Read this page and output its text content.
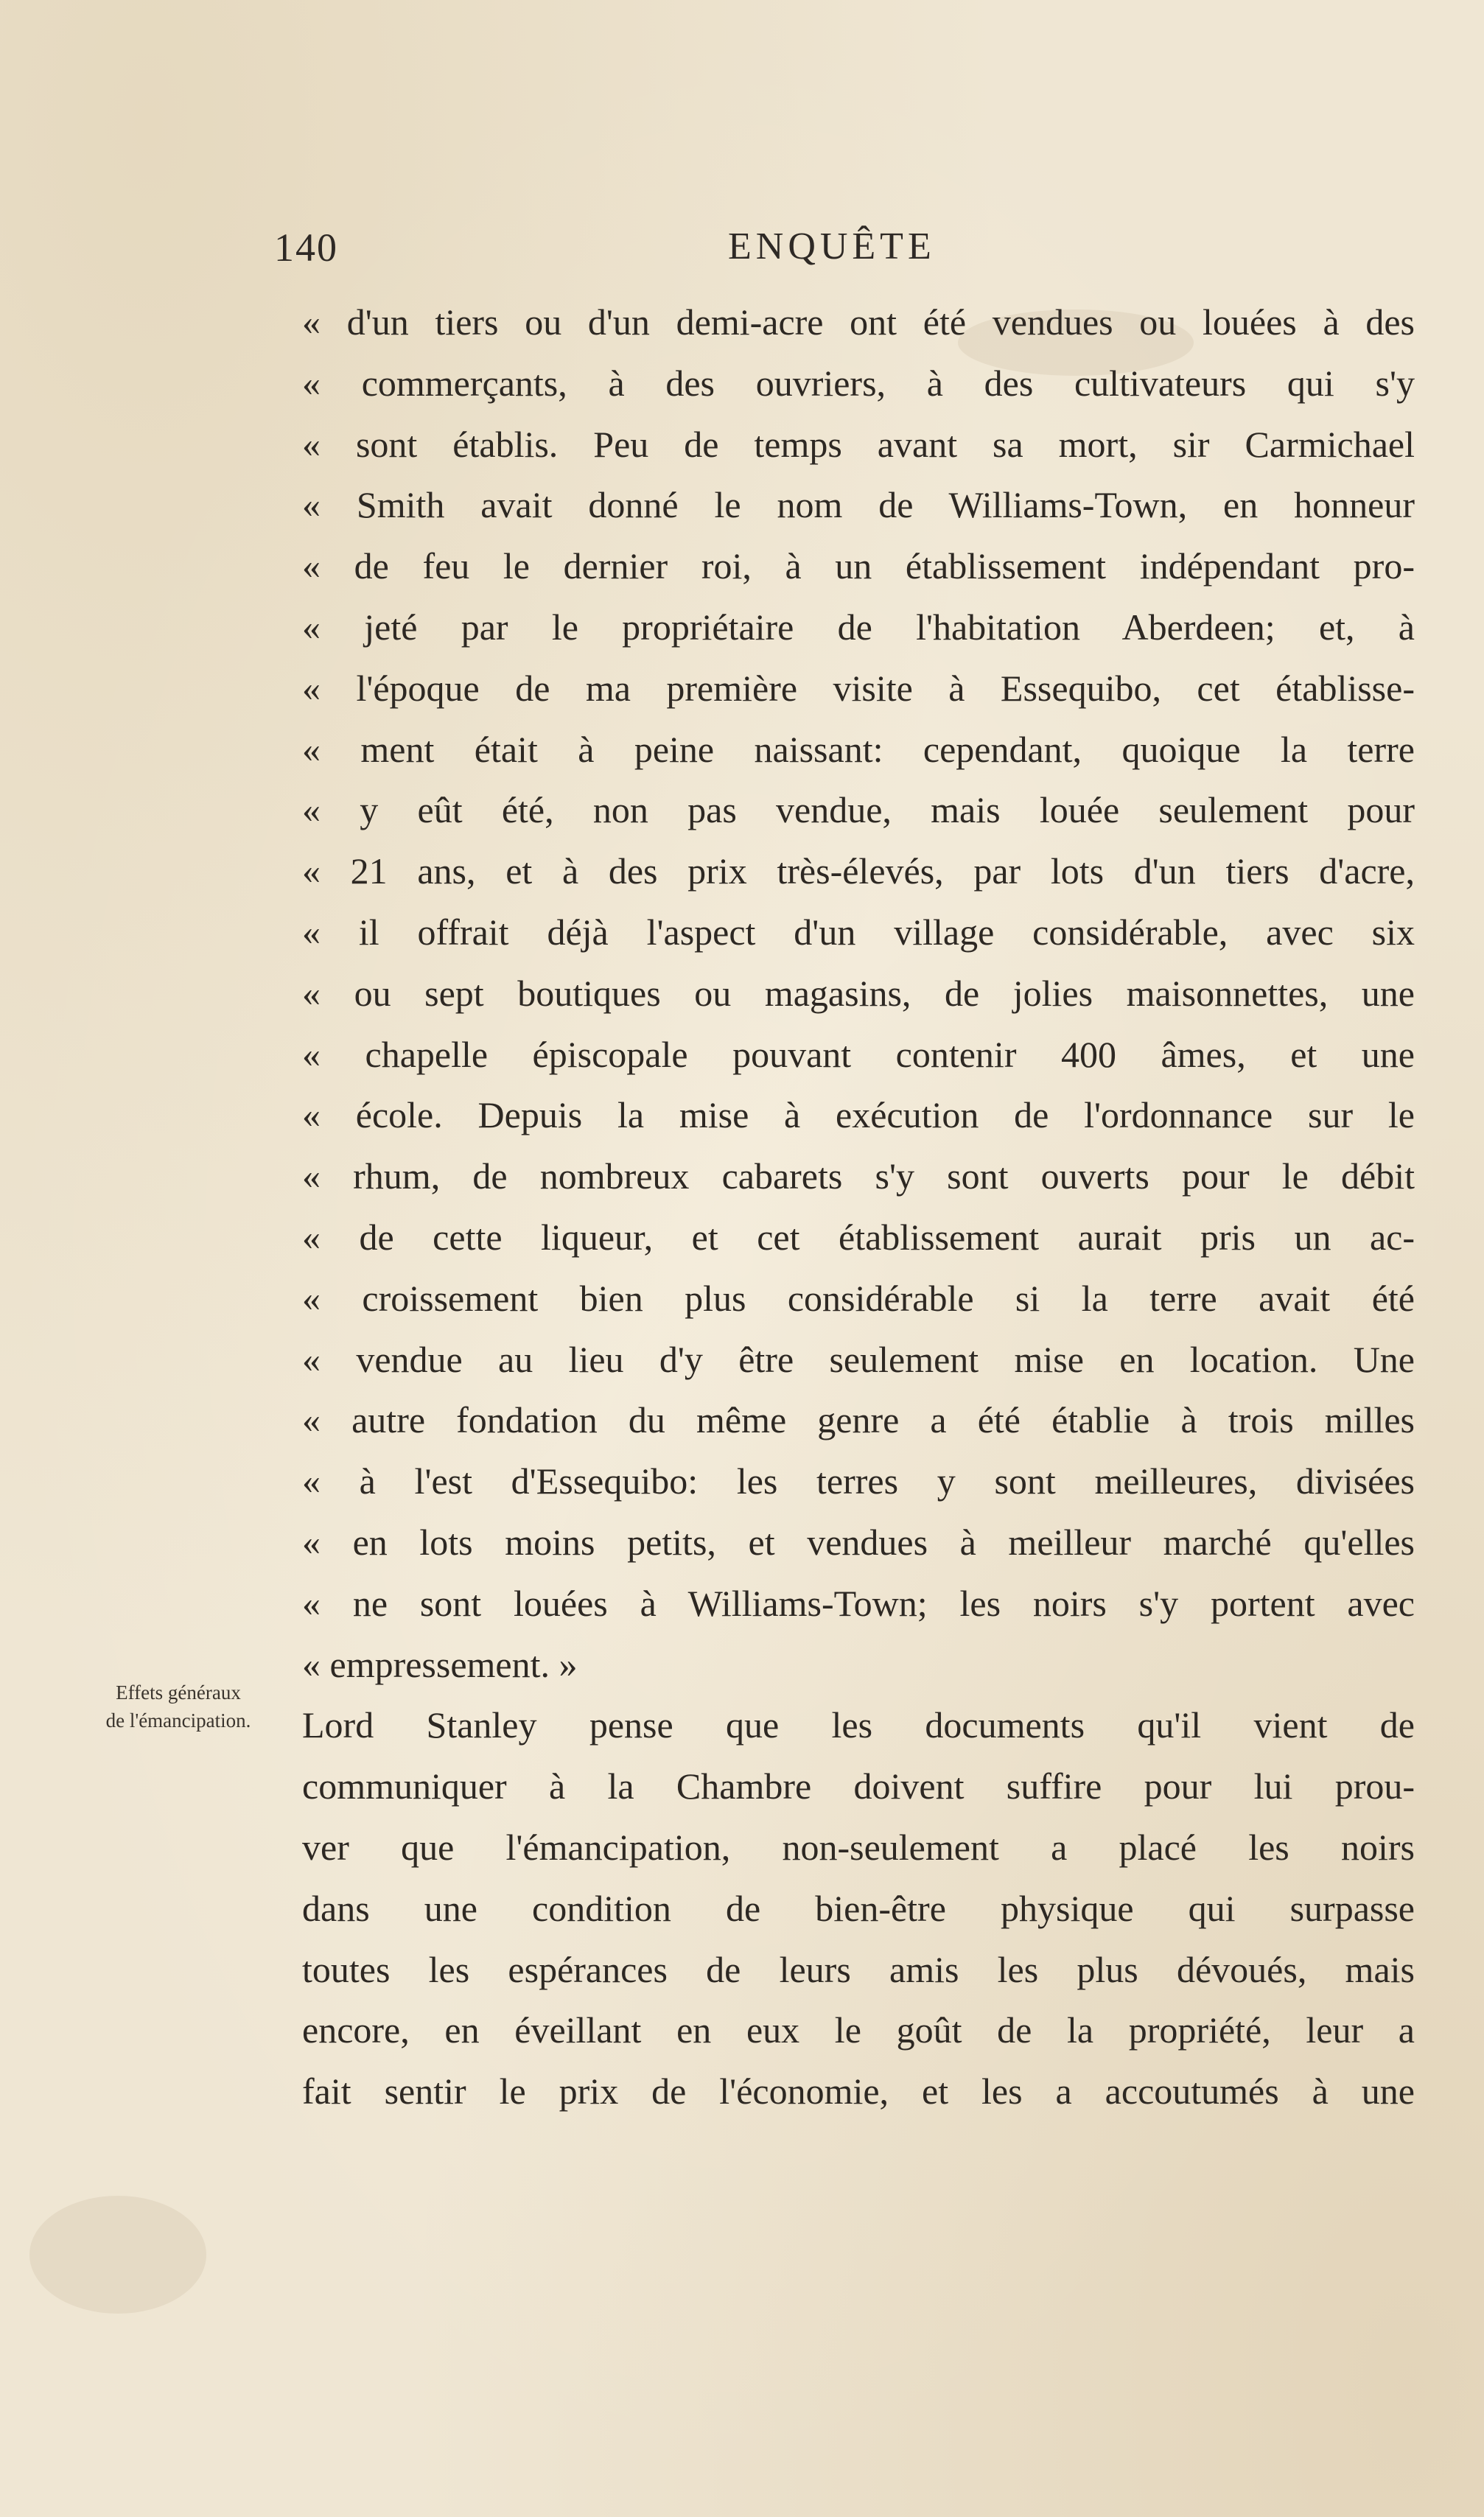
140	ENQUÊTE
Effets généraux
de l'émancipation.
« d'un tiers ou d'un demi-acre ont été vendues ou louées à des
« commerçants, à des ouvriers, à des cultivateurs qui s'y
« sont établis. Peu de temps avant sa mort, sir Carmichael
« Smith avait donné le nom de Williams-Town, en honneur
« de feu le dernier roi, à un établissement indépendant pro-
« jeté par le propriétaire de l'habitation Aberdeen; et, à
« l'époque de ma première visite à Essequibo, cet établisse-
« ment était à peine naissant: cependant, quoique la terre
« y eût été, non pas vendue, mais louée seulement pour
« 21 ans, et à des prix très-élevés, par lots d'un tiers d'acre,
« il offrait déjà l'aspect d'un village considérable, avec six
« ou sept boutiques ou magasins, de jolies maisonnettes, une
« chapelle épiscopale pouvant contenir 400 âmes, et une
« école. Depuis la mise à exécution de l'ordonnance sur le
« rhum, de nombreux cabarets s'y sont ouverts pour le débit
« de cette liqueur, et cet établissement aurait pris un ac-
« croissement bien plus considérable si la terre avait été
« vendue au lieu d'y être seulement mise en location. Une
« autre fondation du même genre a été établie à trois milles
« à l'est d'Essequibo: les terres y sont meilleures, divisées
« en lots moins petits, et vendues à meilleur marché qu'elles
« ne sont louées à Williams-Town; les noirs s'y portent avec
« empressement. »
Lord Stanley pense que les documents qu'il vient de
communiquer à la Chambre doivent suffire pour lui prou-
ver que l'émancipation, non-seulement a placé les noirs
dans une condition de bien-être physique qui surpasse
toutes les espérances de leurs amis les plus dévoués, mais
encore, en éveillant en eux le goût de la propriété, leur a
fait sentir le prix de l'économie, et les a accoutumés à une
